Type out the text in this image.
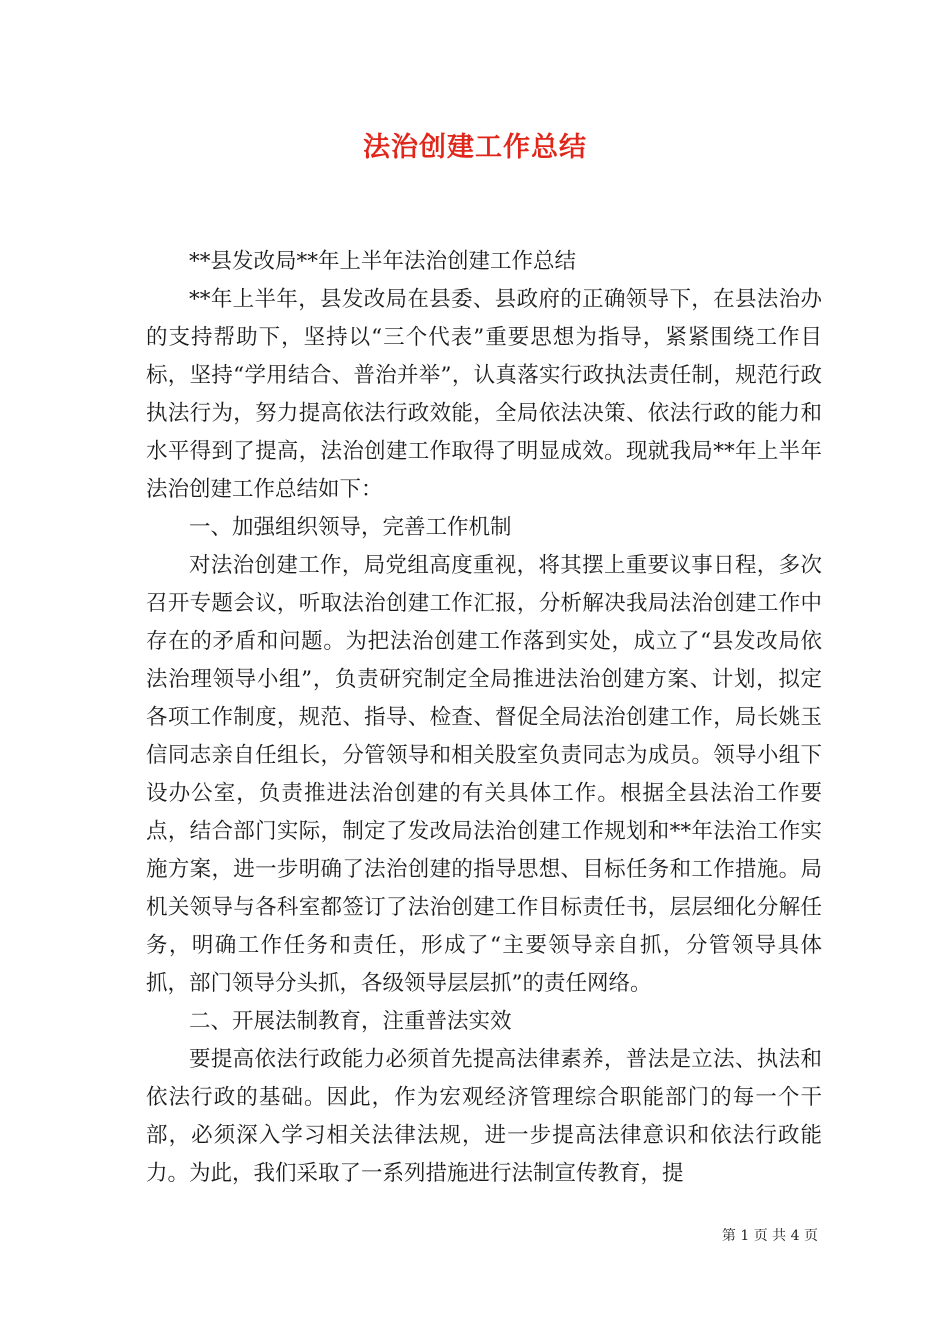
法治创建工作总结

**县发改局**年上半年法治创建工作总结

**年上半年，县发改局在县委、县政府的正确领导下，在县法治办的支持帮助下，坚持以“三个代表”重要思想为指导，紧紧围绕工作目标，坚持“学用结合、普治并举”，认真落实行政执法责任制，规范行政执法行为，努力提高依法行政效能，全局依法决策、依法行政的能力和水平得到了提高，法治创建工作取得了明显成效。现就我局**年上半年法治创建工作总结如下：

一、加强组织领导，完善工作机制

对法治创建工作，局党组高度重视，将其摆上重要议事日程，多次召开专题会议，听取法治创建工作汇报，分析解决我局法治创建工作中存在的矛盾和问题。为把法治创建工作落到实处，成立了“县发改局依法治理领导小组”，负责研究制定全局推进法治创建方案、计划，拟定各项工作制度，规范、指导、检查、督促全局法治创建工作，局长姚玉信同志亲自任组长，分管领导和相关股室负责同志为成员。领导小组下设办公室，负责推进法治创建的有关具体工作。根据全县法治工作要点，结合部门实际，制定了发改局法治创建工作规划和**年法治工作实施方案，进一步明确了法治创建的指导思想、目标任务和工作措施。局机关领导与各科室都签订了法治创建工作目标责任书，层层细化分解任务，明确工作任务和责任，形成了“主要领导亲自抓，分管领导具体抓，部门领导分头抓，各级领导层层抓”的责任网络。

二、开展法制教育，注重普法实效

要提高依法行政能力必须首先提高法律素养，普法是立法、执法和依法行政的基础。因此，作为宏观经济管理综合职能部门的每一个干部，必须深入学习相关法律法规，进一步提高法律意识和依法行政能力。为此，我们采取了一系列措施进行法制宣传教育，提

第 1 页 共 4 页
